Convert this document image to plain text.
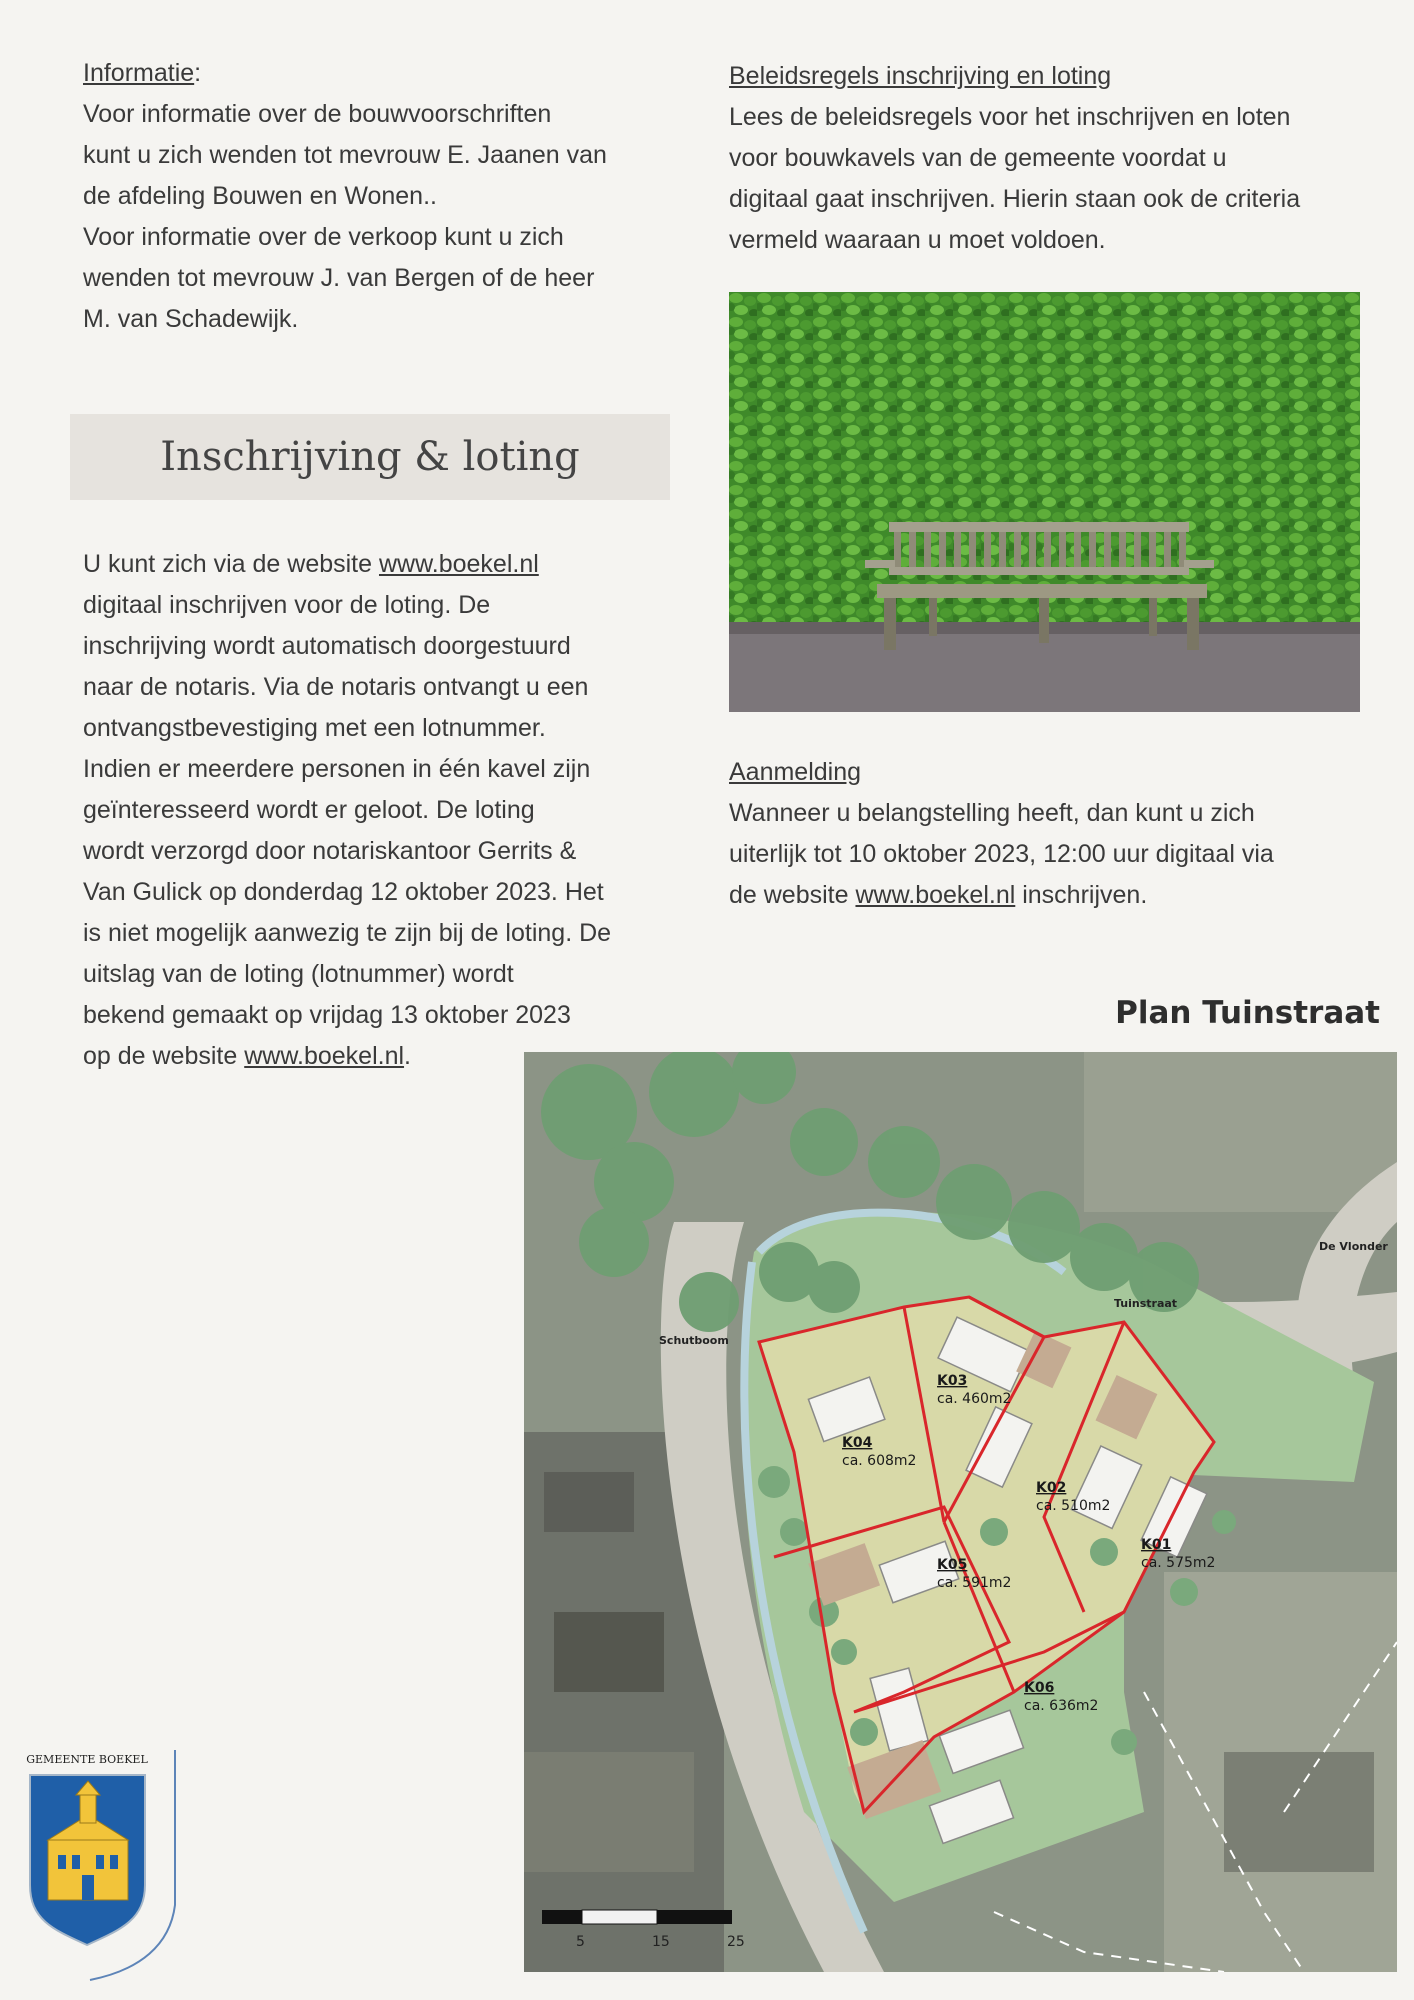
Informatie:

Voor informatie over de bouwvoorschriften

kunt u zich wenden tot mevrouw E. Jaanen van

de afdeling Bouwen en Wonen..

Voor informatie over de verkoop kunt u zich

wenden tot mevrouw J. van Bergen of de heer

M. van Schadewijk.

Beleidsregels inschrijving en loting

Lees de beleidsregels voor het inschrijven en loten

voor bouwkavels van de gemeente voordat u

digitaal gaat inschrijven. Hierin staan ook de criteria

vermeld waaraan u moet voldoen.

Inschrijving & loting

U kunt zich via de website www.boekel.nl

digitaal inschrijven voor de loting. De

inschrijving wordt automatisch doorgestuurd

naar de notaris. Via de notaris ontvangt u een

ontvangstbevestiging met een lotnummer.

Indien er meerdere personen in één kavel zijn

geïnteresseerd wordt er geloot. De loting

wordt verzorgd door notariskantoor Gerrits &

Van Gulick op donderdag 12 oktober 2023. Het

is niet mogelijk aanwezig te zijn bij de loting. De

uitslag van de loting (lotnummer) wordt

bekend gemaakt op vrijdag 13 oktober 2023

op de website www.boekel.nl.

Aanmelding

Wanneer u belangstelling heeft, dan kunt u zich

uiterlijk tot 10 oktober 2023, 12:00 uur digitaal via

de website www.boekel.nl inschrijven.

Plan Tuinstraat
Schutboom
Tuinstraat
De Vlonder
K01
ca. 575m2
K02
ca. 510m2
K03
ca. 460m2
K04
ca. 608m2
K05
ca. 591m2
K06
ca. 636m2
5	15	25
GEMEENTE BOEKEL
